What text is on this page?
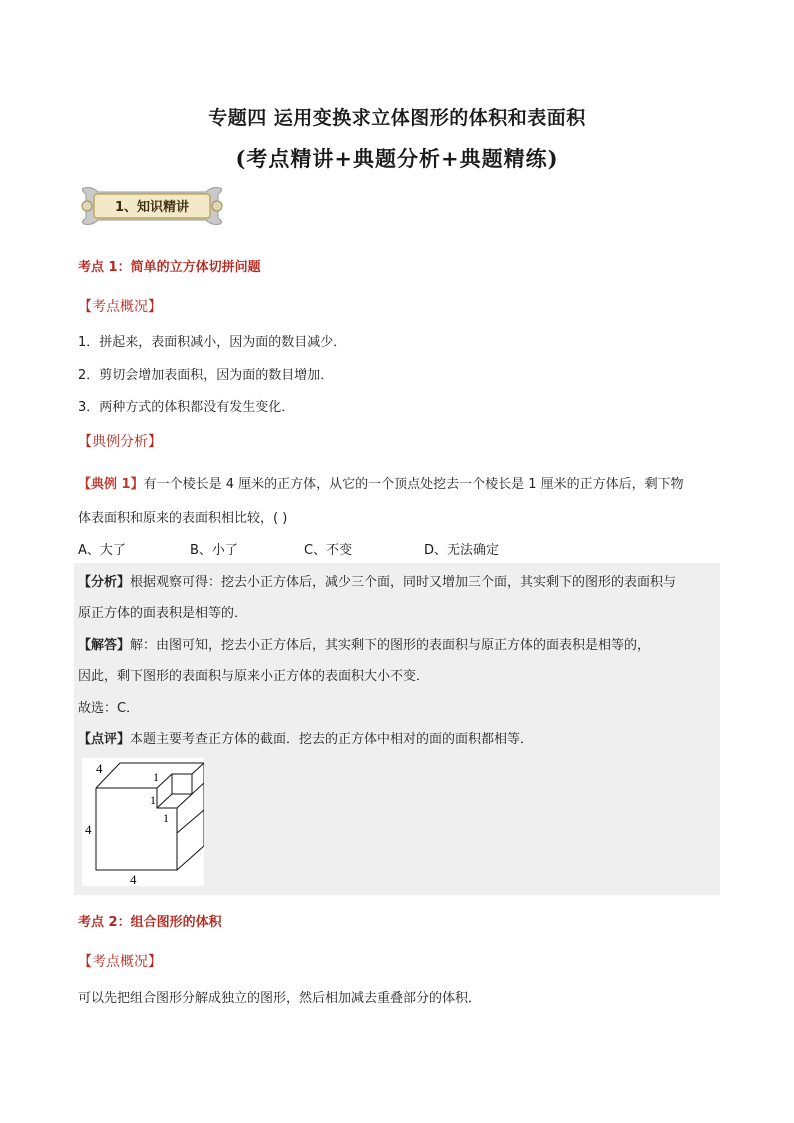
专题四 运用变换求立体图形的体积和表面积
(考点精讲+典题分析+典题精练)
1、知识精讲
考点 1：简单的立方体切拼问题
【考点概况】
1．拼起来，表面积减小，因为面的数目减少．
2．剪切会增加表面积，因为面的数目增加．
3．两种方式的体积都没有发生变化．
【典例分析】
【典例 1】有一个棱长是 4 厘米的正方体，从它的一个顶点处挖去一个棱长是 1 厘米的正方体后，剩下物
体表面积和原来的表面积相比较，( )
A、大了	B、小了	C、不变	D、无法确定
【分析】根据观察可得：挖去小正方体后，减少三个面，同时又增加三个面，其实剩下的图形的表面积与
原正方体的面表积是相等的．
【解答】解：由图可知，挖去小正方体后，其实剩下的图形的表面积与原正方体的面表积是相等的，
因此，剩下图形的表面积与原来小正方体的表面积大小不变．
故选：C．
【点评】本题主要考查正方体的截面．挖去的正方体中相对的面的面积都相等．
4
4
4
1
1
1
考点 2：组合图形的体积
【考点概况】
可以先把组合图形分解成独立的图形，然后相加减去重叠部分的体积．
